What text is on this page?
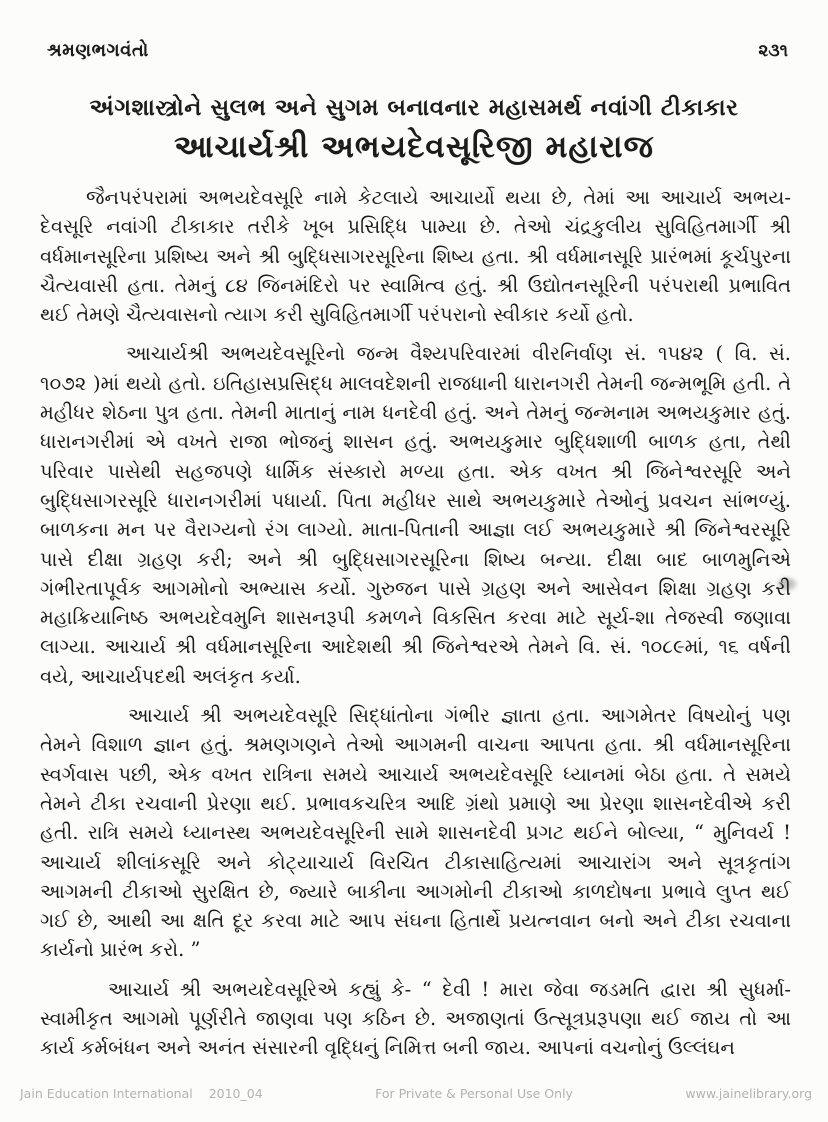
શ્રમણભગવંતો	૨૩૧
અંગશાસ્ત્રોને સુલભ અને સુગમ બનાવનાર મહાસમર્થ નવાંગી ટીકાકાર
આચાર્યશ્રી અભયદેવસૂરિજી મહારાજ

જૈનપરંપરામાં અભયદેવસૂરિ નામે કેટલાયે આચાર્યો થયા છે, તેમાં આ આચાર્ય અભય-દેવસૂરિ નવાંગી ટીકાકાર તરીકે ખૂબ પ્રસિદ્ધિ પામ્યા છે. તેઓ ચંદ્રકુલીય સુવિહિતમાર્ગી શ્રી વર્ધમાનસૂરિના પ્રશિષ્ય અને શ્રી બુદ્ધિસાગરસૂરિના શિષ્ય હતા. શ્રી વર્ધમાનસૂરિ પ્રારંભમાં કૂર્ચપુરના ચૈત્યવાસી હતા. તેમનું ૮૪ જિનમંદિરો પર સ્વામિત્વ હતું. શ્રી ઉદ્યોતનસૂરિની પરંપરાથી પ્રભાવિત થઈ તેમણે ચૈત્યવાસનો ત્યાગ કરી સુવિહિતમાર્ગી પરંપરાનો સ્વીકાર કર્યો હતો.

આચાર્યશ્રી અભયદેવસૂરિનો જન્મ વૈશ્યપરિવારમાં વીરનિર્વાણ સં. ૧૫૪૨ ( વિ. સં. ૧૦૭૨ )માં થયો હતો. ઇતિહાસપ્રસિદ્ધ માલવદેશની રાજધાની ધારાનગરી તેમની જન્મભૂમિ હતી. તે મહીધર શેઠના પુત્ર હતા. તેમની માતાનું નામ ધનદેવી હતું. અને તેમનું જન્મનામ અભયકુમાર હતું. ધારાનગરીમાં એ વખતે રાજા ભોજનું શાસન હતું. અભયકુમાર બુદ્ધિશાળી બાળક હતા, તેથી પરિવાર પાસેથી સહજપણે ધાર્મિક સંસ્કારો મળ્યા હતા. એક વખત શ્રી જિનેશ્વરસૂરિ અને બુદ્ધિસાગરસૂરિ ધારાનગરીમાં પધાર્યા. પિતા મહીધર સાથે અભયકુમારે તેઓનું પ્રવચન સાંભળ્યું. બાળકના મન પર વૈરાગ્યનો રંગ લાગ્યો. માતા-પિતાની આજ્ઞા લઈ અભયકુમારે શ્રી જિનેશ્વરસૂરિ પાસે દીક્ષા ગ્રહણ કરી; અને શ્રી બુદ્ધિસાગરસૂરિના શિષ્ય બન્યા. દીક્ષા બાદ બાળમુનિએ ગંભીરતાપૂર્વક આગમોનો અભ્યાસ કર્યો. ગુરુજન પાસે ગ્રહણ અને આસેવન શિક્ષા ગ્રહણ કરી મહાક્રિયાનિષ્ઠ અભયદેવમુનિ શાસનરૂપી કમળને વિકસિત કરવા માટે સૂર્ય-શા તેજસ્વી જણાવા લાગ્યા. આચાર્ય શ્રી વર્ધમાનસૂરિના આદેશથી શ્રી જિનેશ્વરએ તેમને વિ. સં. ૧૦૮૯માં, ૧૬ વર્ષની વયે, આચાર્યપદથી અલંકૃત કર્યા.

આચાર્ય શ્રી અભયદેવસૂરિ સિદ્ધાંતોના ગંભીર જ્ઞાતા હતા. આગમેતર વિષયોનું પણ તેમને વિશાળ જ્ઞાન હતું. શ્રમણગણને તેઓ આગમની વાચના આપતા હતા. શ્રી વર્ધમાનસૂરિના સ્વર્ગવાસ પછી, એક વખત રાત્રિના સમયે આચાર્ય અભયદેવસૂરિ ધ્યાનમાં બેઠા હતા. તે સમયે તેમને ટીકા રચવાની પ્રેરણા થઈ. પ્રભાવકચરિત્ર આદિ ગ્રંથો પ્રમાણે આ પ્રેરણા શાસનદેવીએ કરી હતી. રાત્રિ સમયે ધ્યાનસ્થ અભયદેવસૂરિની સામે શાસનદેવી પ્રગટ થઈને બોલ્યા, “ મુનિવર્ય ! આચાર્ય શીલાંકસૂરિ અને કોટ્યાચાર્ય વિરચિત ટીકાસાહિત્યમાં આચારાંગ અને સૂત્રકૃતાંગ આગમની ટીકાઓ સુરક્ષિત છે, જ્યારે બાકીના આગમોની ટીકાઓ કાળદોષના પ્રભાવે લુપ્ત થઈ ગઈ છે, આથી આ ક્ષતિ દૂર કરવા માટે આપ સંઘના હિતાર્થે પ્રયત્નવાન બનો અને ટીકા રચવાના કાર્યનો પ્રારંભ કરો. ”

આચાર્ય શ્રી અભયદેવસૂરિએ કહ્યું કે- “ દેવી ! મારા જેવા જડમતિ દ્વારા શ્રી સુધર્મા-સ્વામીકૃત આગમો પૂર્ણરીતે જાણવા પણ કઠિન છે. અજાણતાં ઉત્સૂત્રપ્રરૂપણા થઈ જાય તો આ કાર્ય કર્મબંધન અને અનંત સંસારની વૃદ્ધિનું નિમિત્ત બની જાય. આપનાં વચનોનું ઉલ્લંઘન

Jain Education International 2010_04	For Private & Personal Use Only	www.jainelibrary.org
